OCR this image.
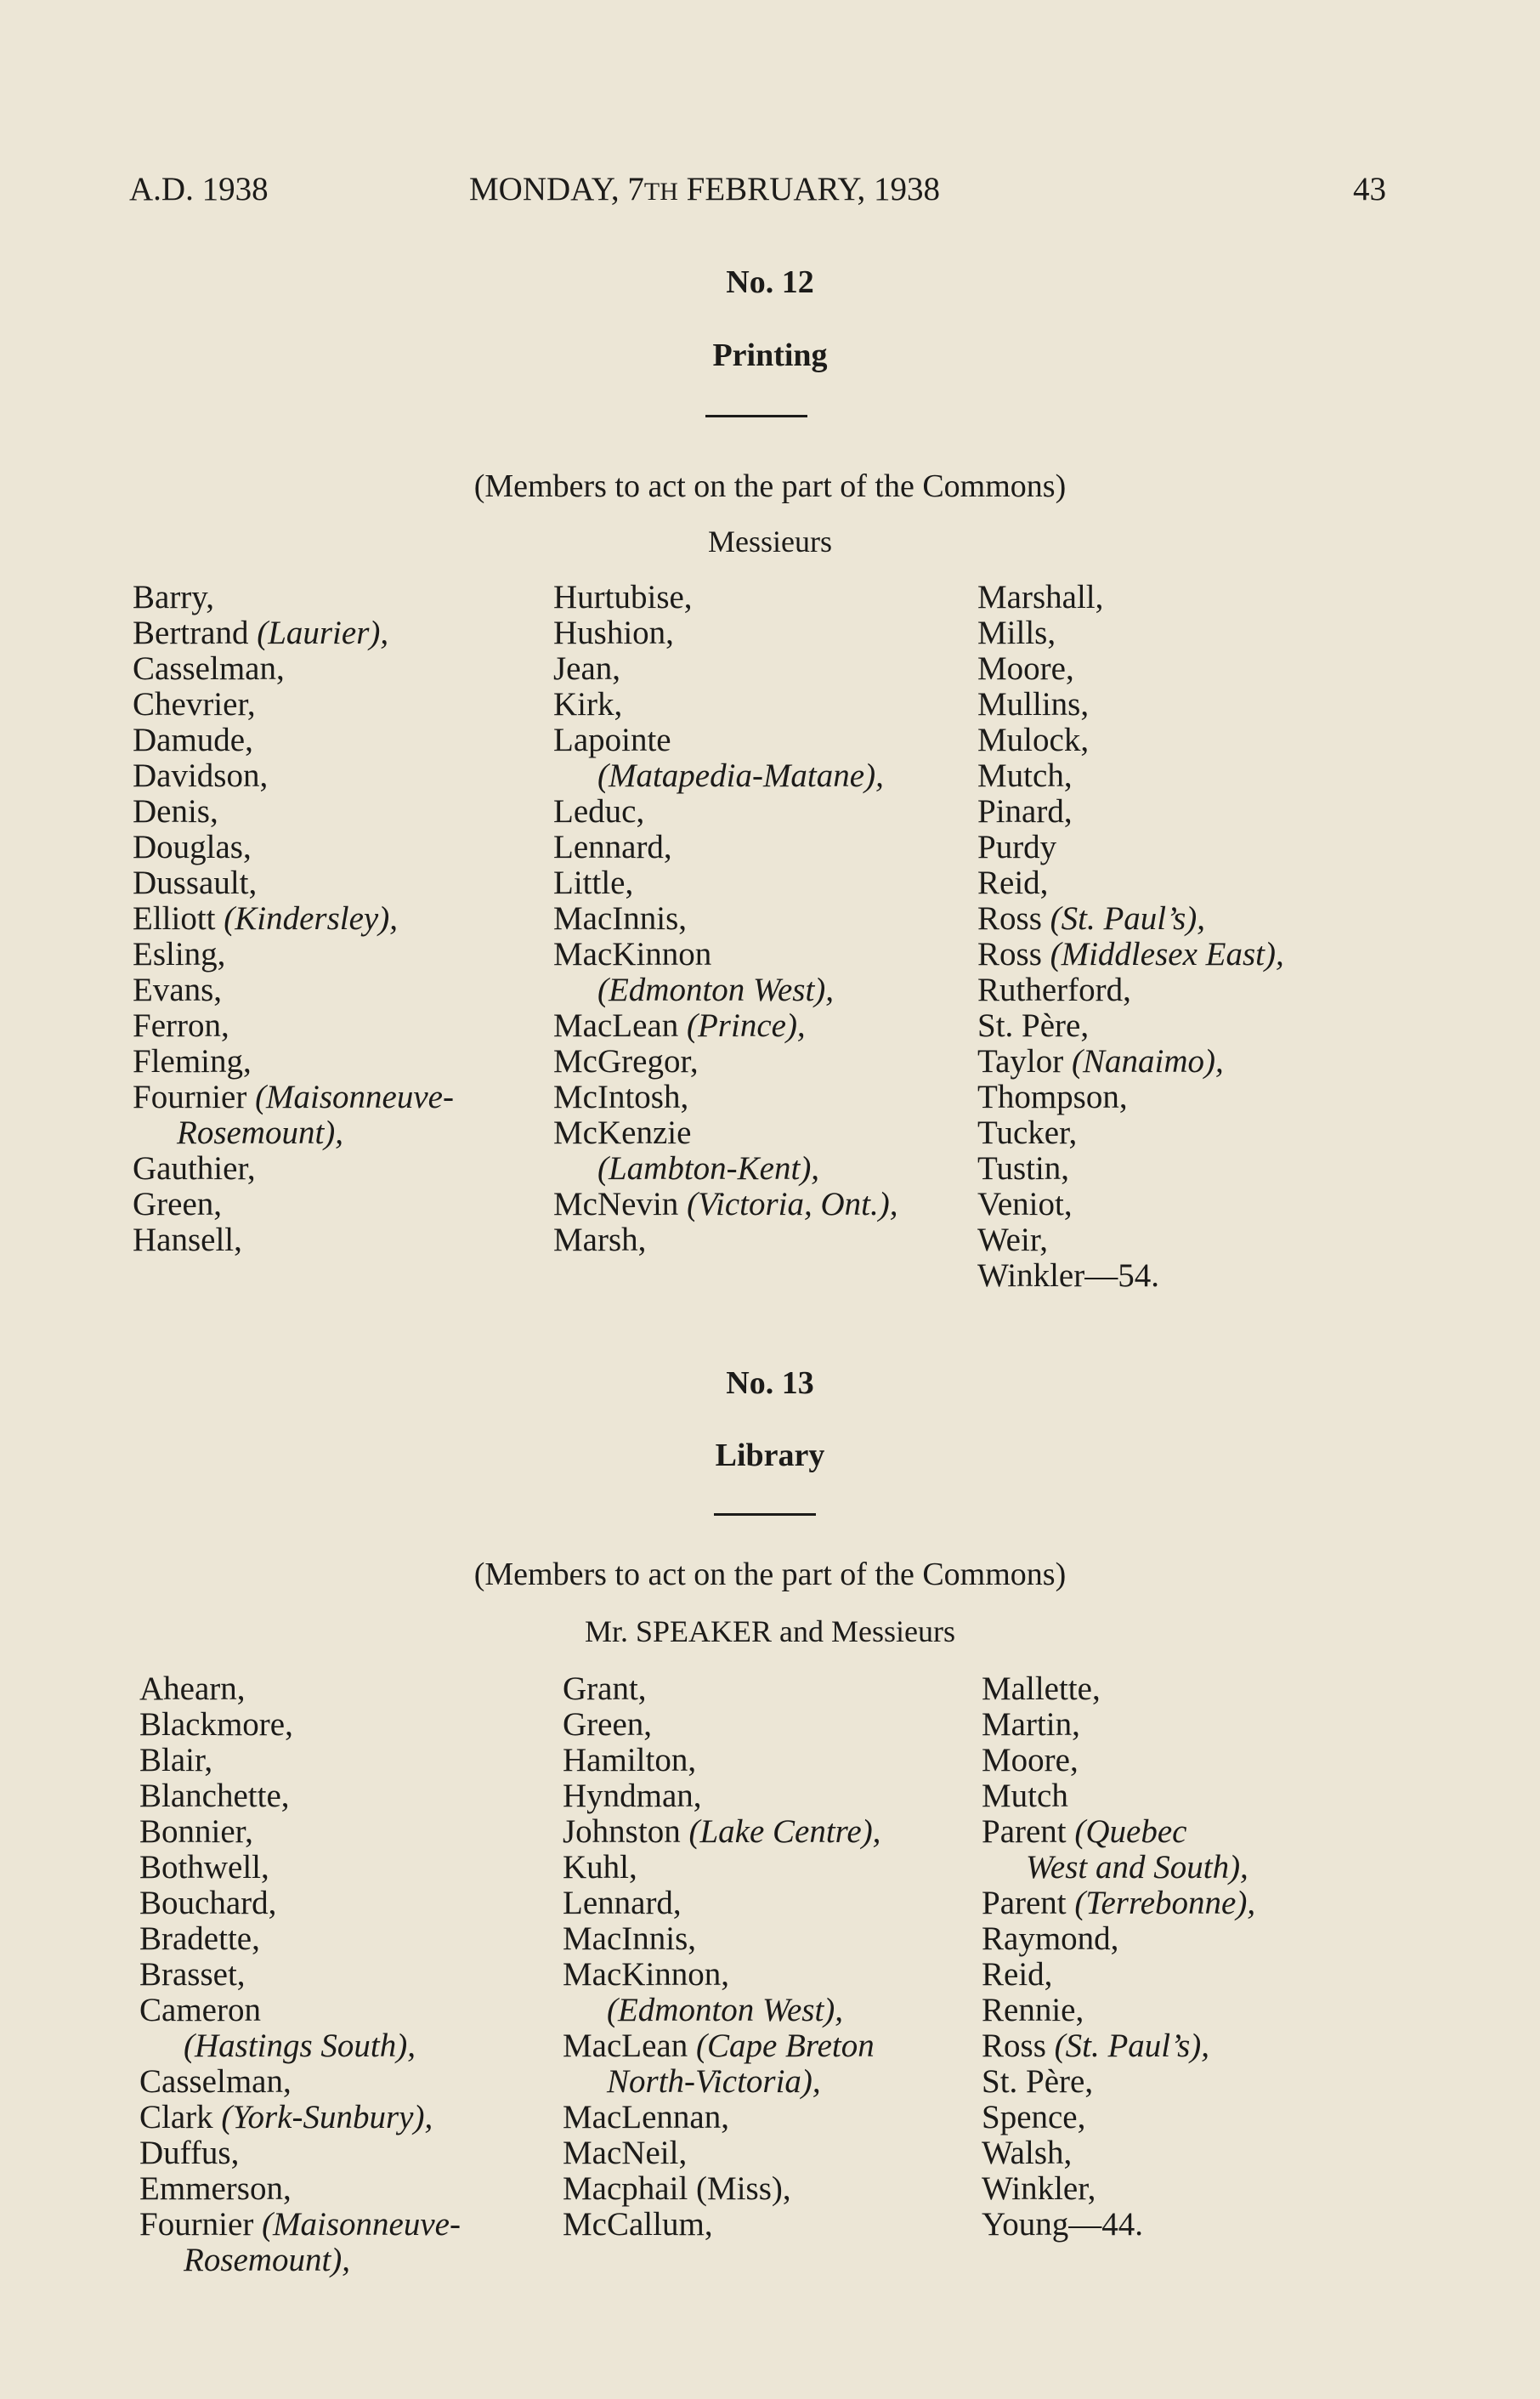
A.D. 1938	MONDAY, 7TH FEBRUARY, 1938	43
No. 12
Printing
(Members to act on the part of the Commons)
Messieurs
Barry,
Bertrand (Laurier),
Casselman,
Chevrier,
Damude,
Davidson,
Denis,
Douglas,
Dussault,
Elliott (Kindersley),
Esling,
Evans,
Ferron,
Fleming,
Fournier (Maisonneuve-
Rosemount),
Gauthier,
Green,
Hansell,
Hurtubise,
Hushion,
Jean,
Kirk,
Lapointe
(Matapedia-Matane),
Leduc,
Lennard,
Little,
MacInnis,
MacKinnon
(Edmonton West),
MacLean (Prince),
McGregor,
McIntosh,
McKenzie
(Lambton-Kent),
McNevin (Victoria, Ont.),
Marsh,
Marshall,
Mills,
Moore,
Mullins,
Mulock,
Mutch,
Pinard,
Purdy
Reid,
Ross (St. Paul’s),
Ross (Middlesex East),
Rutherford,
St. Père,
Taylor (Nanaimo),
Thompson,
Tucker,
Tustin,
Veniot,
Weir,
Winkler—54.
No. 13
Library
(Members to act on the part of the Commons)
Mr. SPEAKER and Messieurs
Ahearn,
Blackmore,
Blair,
Blanchette,
Bonnier,
Bothwell,
Bouchard,
Bradette,
Brasset,
Cameron
(Hastings South),
Casselman,
Clark (York-Sunbury),
Duffus,
Emmerson,
Fournier (Maisonneuve-
Rosemount),
Grant,
Green,
Hamilton,
Hyndman,
Johnston (Lake Centre),
Kuhl,
Lennard,
MacInnis,
MacKinnon,
(Edmonton West),
MacLean (Cape Breton
North-Victoria),
MacLennan,
MacNeil,
Macphail (Miss),
McCallum,
Mallette,
Martin,
Moore,
Mutch
Parent (Quebec
West and South),
Parent (Terrebonne),
Raymond,
Reid,
Rennie,
Ross (St. Paul’s),
St. Père,
Spence,
Walsh,
Winkler,
Young—44.
